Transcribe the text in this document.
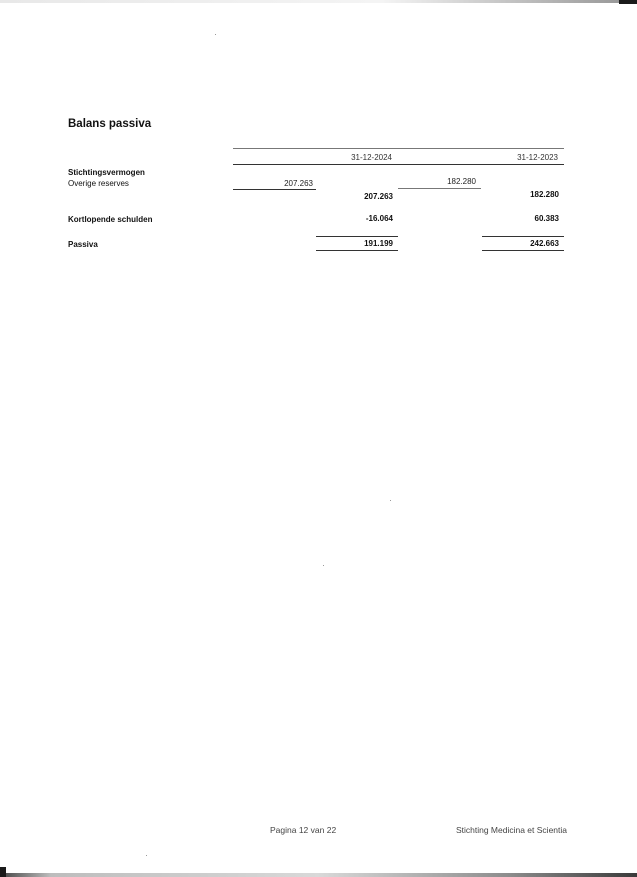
Balans passiva
31-12-2024	31-12-2023
Stichtingsvermogen
Overige reserves	207.263	182.280
207.263	182.280
Kortlopende schulden	-16.064	60.383
Passiva	191.199	242.663
Pagina 12 van 22	Stichting Medicina et Scientia
